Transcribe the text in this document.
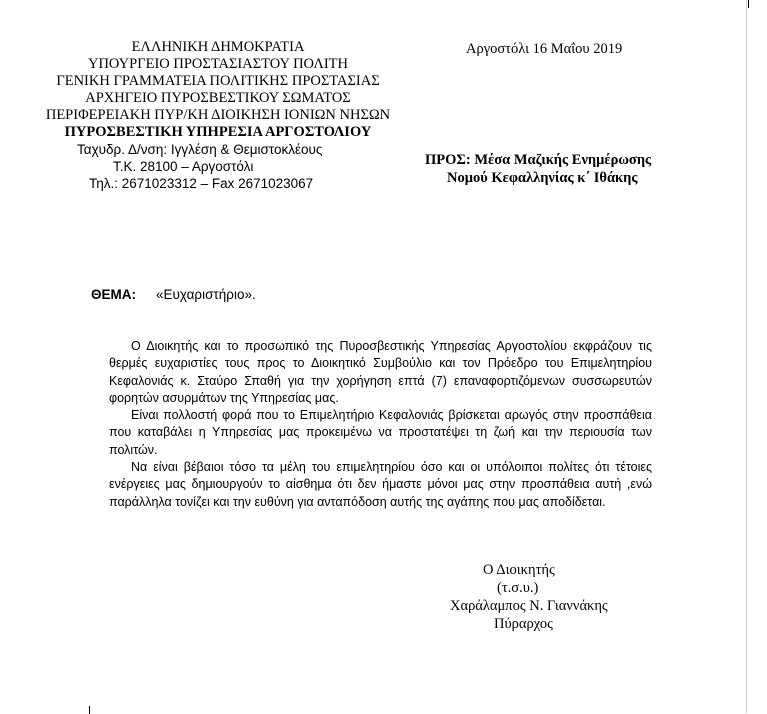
ΕΛΛΗΝΙΚΗ ΔΗΜΟΚΡΑΤΙΑ
ΥΠΟΥΡΓΕΙΟ ΠΡΟΣΤΑΣΙΑΣΤΟΥ ΠΟΛΙΤΗ
ΓΕΝΙΚΗ ΓΡΑΜΜΑΤΕΙΑ ΠΟΛΙΤΙΚΗΣ ΠΡΟΣΤΑΣΙΑΣ
ΑΡΧΗΓΕΙΟ ΠΥΡΟΣΒΕΣΤΙΚΟΥ ΣΩΜΑΤΟΣ
ΠΕΡΙΦΕΡΕΙΑΚΗ ΠΥΡ/ΚΗ ΔΙΟΙΚΗΣΗ ΙΟΝΙΩΝ ΝΗΣΩΝ
ΠΥΡΟΣΒΕΣΤΙΚΗ ΥΠΗΡΕΣΙΑ ΑΡΓΟΣΤΟΛΙΟΥ
Ταχυδρ. Δ/νση: Ιγγλέση & Θεμιστοκλέους
Τ.Κ. 28100 – Αργοστόλι
Τηλ.: 2671023312 – Fax 2671023067
Αργοστόλι 16 Μαΐου 2019
ΠΡΟΣ: Μέσα Μαζικής Ενημέρωσης
Νομού Κεφαλληνίας κ΄ Ιθάκης
ΘΕΜΑ: «Ευχαριστήριο».

Ο Διοικητής και το προσωπικό της Πυροσβεστικής Υπηρεσίας Αργοστολίου εκφράζουν τις θερμές ευχαριστίες τους προς το Διοικητικό Συμβούλιο και τον Πρόεδρο του Επιμελητηρίου Κεφαλονιάς κ. Σταύρο Σπαθή για την χορήγηση επτά (7) επαναφορτιζόμενων συσσωρευτών φορητών ασυρμάτων της Υπηρεσίας μας.

Είναι πολλοστή φορά που το Επιμελητήριο Κεφαλονιάς βρίσκεται αρωγός στην προσπάθεια που καταβάλει η Υπηρεσίας μας προκειμένω να προστατέψει τη ζωή και την περιουσία των πολιτών.

Να είναι βέβαιοι τόσο τα μέλη του επιμελητηρίου όσο και οι υπόλοιποι πολίτες ότι τέτοιες ενέργειες μας δημιουργούν το αίσθημα ότι δεν ήμαστε μόνοι μας στην προσπάθεια αυτή ,ενώ παράλληλα τονίζει και την ευθύνη για ανταπόδοση αυτής της αγάπης που μας αποδίδεται.

Ο Διοικητής
(τ.σ.υ.)
Χαράλαμπος Ν. Γιαννάκης
Πύραρχος
